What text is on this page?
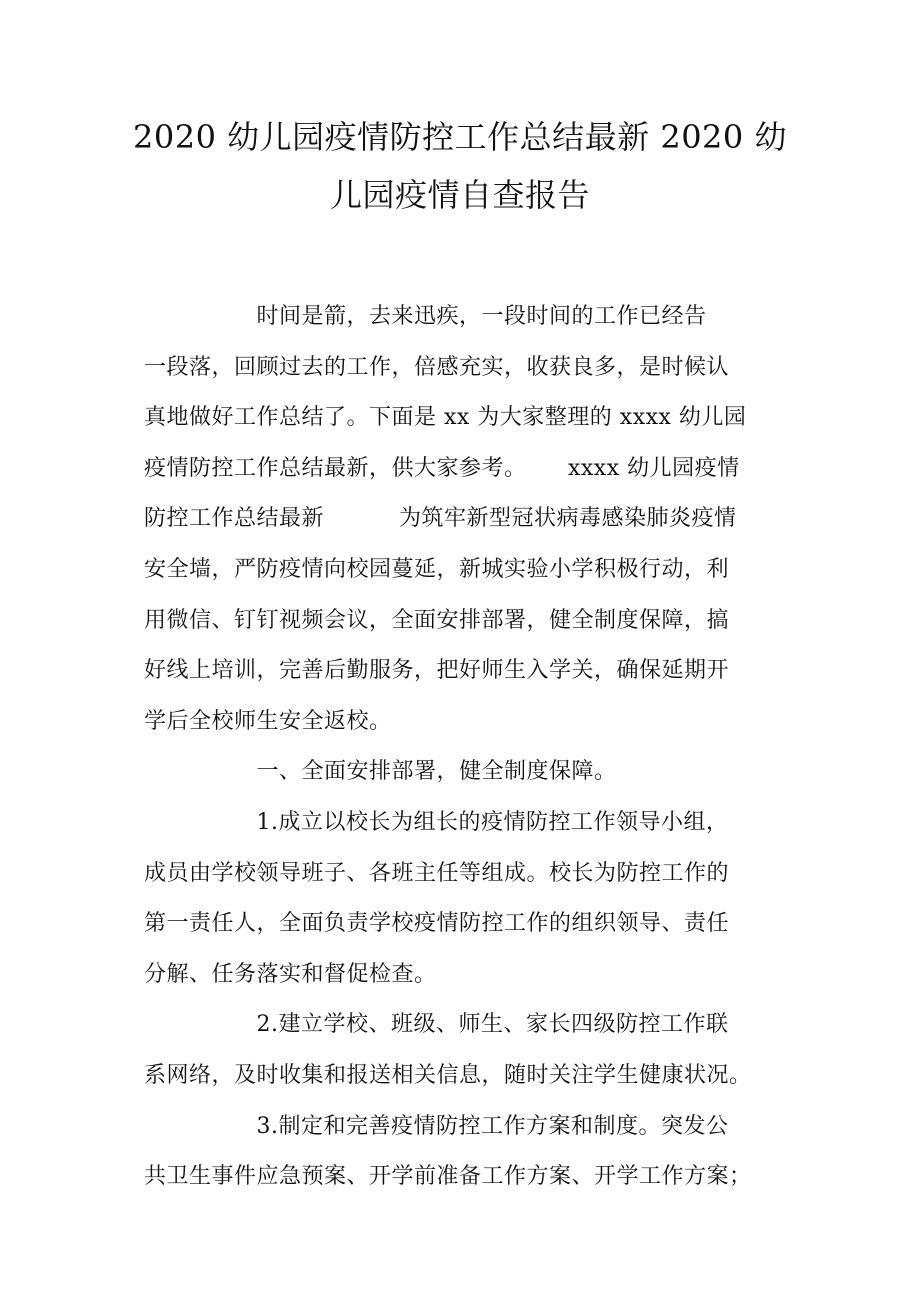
2020 幼儿园疫情防控工作总结最新 2020 幼
儿园疫情自查报告

　　　　　时间是箭，去来迅疾，一段时间的工作已经告
一段落，回顾过去的工作，倍感充实，收获良多，是时候认
真地做好工作总结了。下面是 xx 为大家整理的 xxxx 幼儿园
疫情防控工作总结最新，供大家参考。　　 xxxx 幼儿园疫情
防控工作总结最新　　　 为筑牢新型冠状病毒感染肺炎疫情
安全墙，严防疫情向校园蔓延，新城实验小学积极行动，利
用微信、钉钉视频会议，全面安排部署，健全制度保障，搞
好线上培训，完善后勤服务，把好师生入学关，确保延期开
学后全校师生安全返校。

　　　　　一、全面安排部署，健全制度保障。

　　　　　1.成立以校长为组长的疫情防控工作领导小组，
成员由学校领导班子、各班主任等组成。校长为防控工作的
第一责任人，全面负责学校疫情防控工作的组织领导、责任
分解、任务落实和督促检查。

　　　　　2.建立学校、班级、师生、家长四级防控工作联
系网络，及时收集和报送相关信息，随时关注学生健康状况。

　　　　　3.制定和完善疫情防控工作方案和制度。突发公
共卫生事件应急预案、开学前准备工作方案、开学工作方案；
